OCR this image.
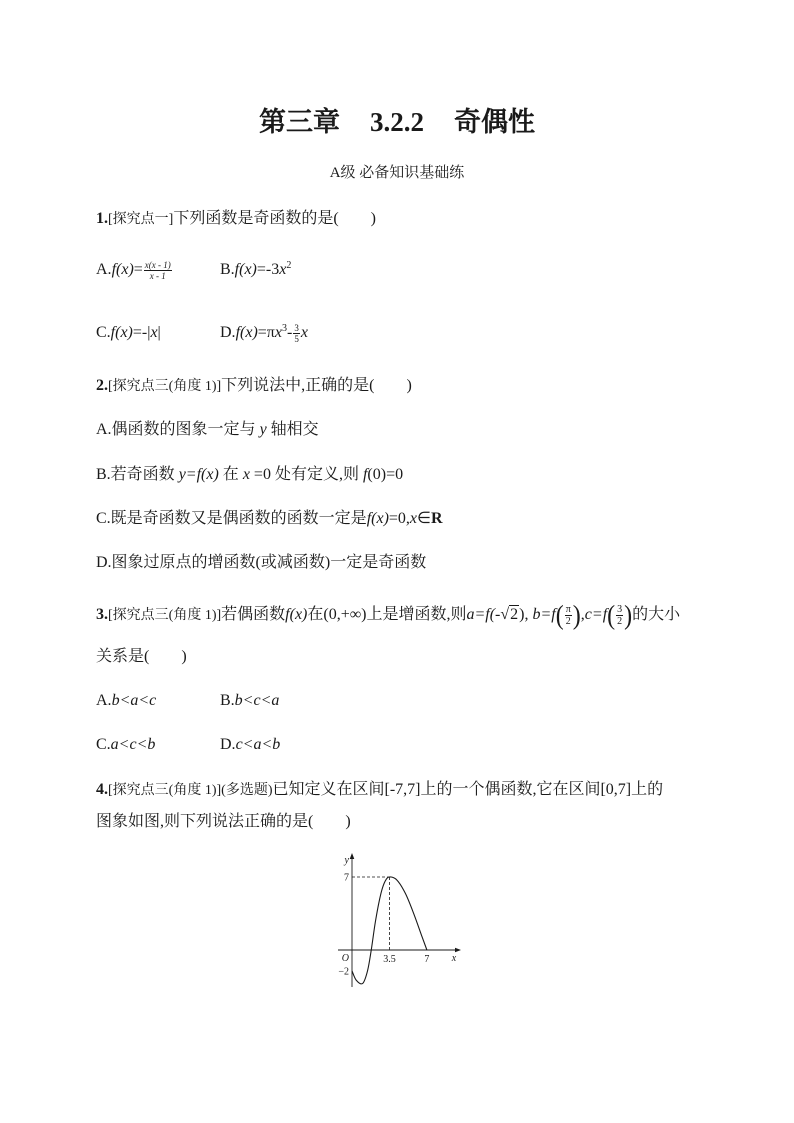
第三章 3.2.2 奇偶性
A级 必备知识基础练
1.[探究点一]下列函数是奇函数的是(　　)
$A.f(x)= \frac{x(x - 1)}{x - 1}$	$B.f(x)=-3x^2$
C.f(x)=-|x|	$D.f(x)=\pi x^3- \frac{3}{5}$ x
2.[探究点三(角度 1)]下列说法中,正确的是(　　)
A.偶函数的图象一定与 y 轴相交
B.若奇函数 y=f(x) 在 x =0 处有定义,则 f(0)=0
C.既是奇函数又是偶函数的函数一定是f(x)=0,x∈R
D.图象过原点的增函数(或减函数)一定是奇函数
3.[探究点三(角度 1)]若偶函数f(x)在(0,+∞)上是增函数,则a=f(-√2), $b=f( \frac{\pi}{2} ),c=f( \frac{3}{2}$ )的大小
关系是(　　)
A.b<a<c	B.b<c<a
C.a<c<b	D.c<a<b
4.[探究点三(角度 1)](多选题)已知定义在区间[-7,7]上的一个偶函数,它在区间[0,7]上的
图象如图,则下列说法正确的是(　　)
y
x
O	3.5	7
7
−2
